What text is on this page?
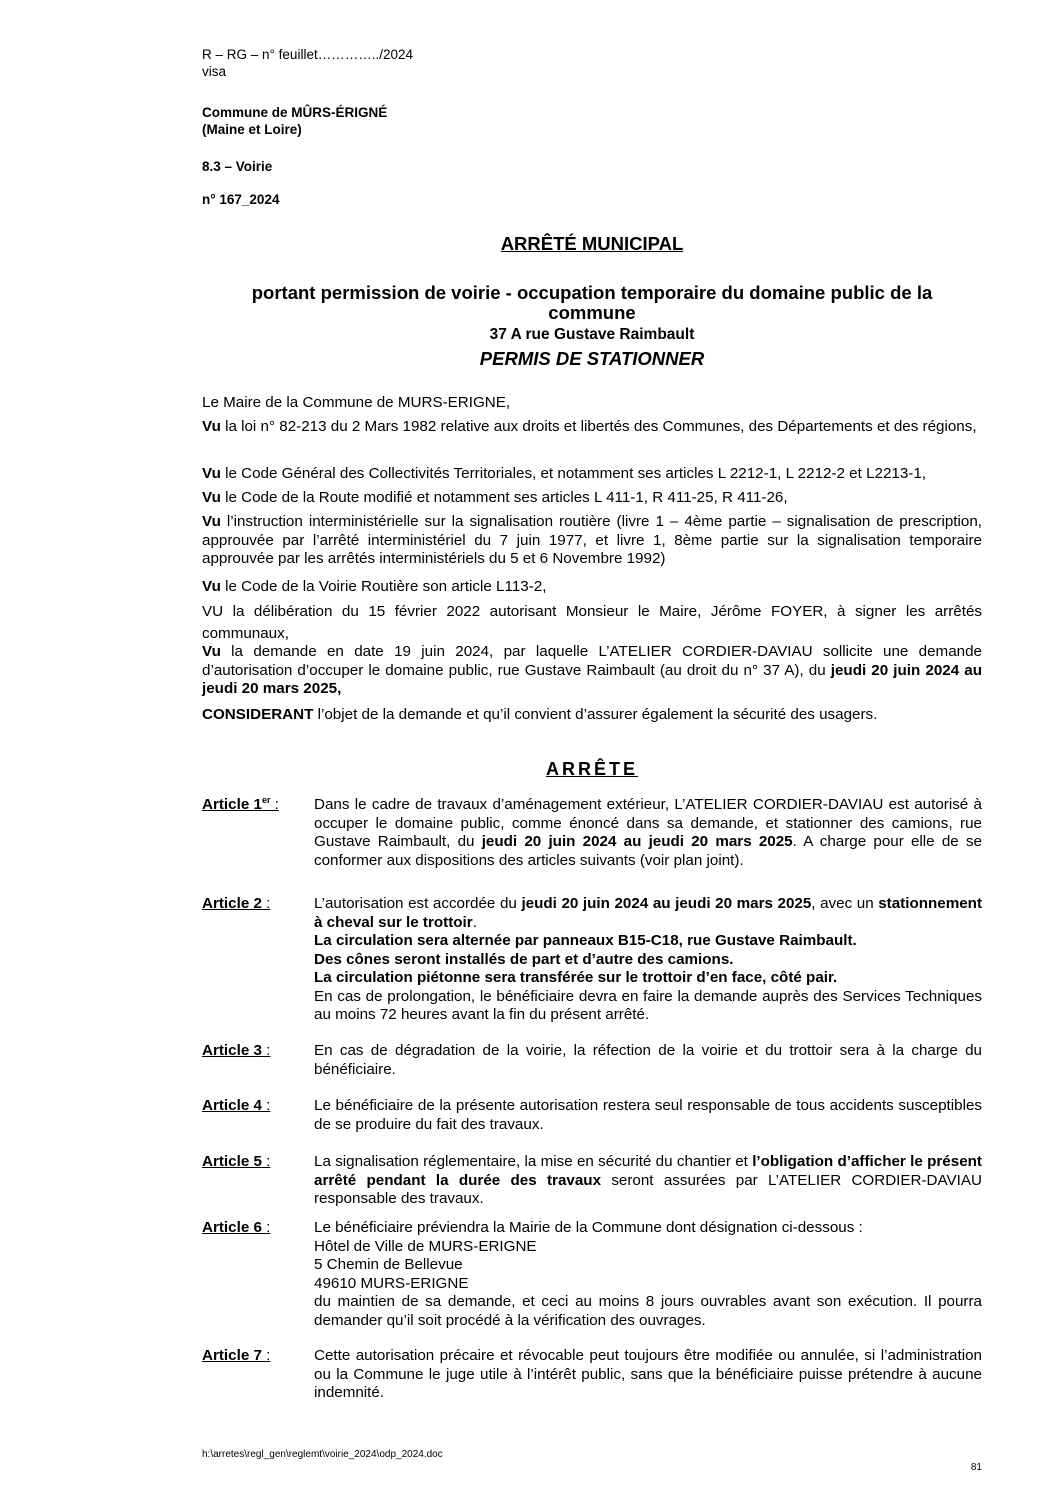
R – RG – n° feuillet…………../2024
visa
Commune de MÛRS-ÉRIGNÉ
(Maine et Loire)
8.3 – Voirie
n° 167_2024
ARRÊTÉ MUNICIPAL
portant permission de voirie - occupation temporaire du domaine public de la
commune
37 A rue Gustave Raimbault
PERMIS DE STATIONNER
Le Maire de la Commune de MURS-ERIGNE,
Vu la loi n° 82-213 du 2 Mars 1982 relative aux droits et libertés des Communes, des Départements et des régions,
Vu le Code Général des Collectivités Territoriales, et notamment ses articles L 2212-1, L 2212-2 et L2213-1,
Vu le Code de la Route modifié et notamment ses articles L 411-1, R 411-25, R 411-26,
Vu l’instruction interministérielle sur la signalisation routière (livre 1 – 4ème partie – signalisation de prescription, approuvée par l’arrêté interministériel du 7 juin 1977, et livre 1, 8ème partie sur la signalisation temporaire approuvée par les arrêtés interministériels du 5 et 6 Novembre 1992)
Vu le Code de la Voirie Routière son article L113-2,
VU la délibération du 15 février 2022 autorisant Monsieur le Maire, Jérôme FOYER, à signer les arrêtés communaux,
Vu la demande en date 19 juin 2024, par laquelle L’ATELIER CORDIER-DAVIAU sollicite une demande d’autorisation d’occuper le domaine public, rue Gustave Raimbault (au droit du n° 37 A), du jeudi 20 juin 2024 au jeudi 20 mars 2025,
CONSIDERANT l’objet de la demande et qu’il convient d’assurer également la sécurité des usagers.
ARRÊTE
Article 1er :	Dans le cadre de travaux d’aménagement extérieur, L’ATELIER CORDIER-DAVIAU est autorisé à occuper le domaine public, comme énoncé dans sa demande, et stationner des camions, rue Gustave Raimbault, du jeudi 20 juin 2024 au jeudi 20 mars 2025. A charge pour elle de se conformer aux dispositions des articles suivants (voir plan joint).
Article 2 :	L’autorisation est accordée du jeudi 20 juin 2024 au jeudi 20 mars 2025, avec un stationnement à cheval sur le trottoir.
La circulation sera alternée par panneaux B15-C18, rue Gustave Raimbault.
Des cônes seront installés de part et d’autre des camions.
La circulation piétonne sera transférée sur le trottoir d’en face, côté pair.
En cas de prolongation, le bénéficiaire devra en faire la demande auprès des Services Techniques au moins 72 heures avant la fin du présent arrêté.
Article 3 :	En cas de dégradation de la voirie, la réfection de la voirie et du trottoir sera à la charge du bénéficiaire.
Article 4 :	Le bénéficiaire de la présente autorisation restera seul responsable de tous accidents susceptibles de se produire du fait des travaux.
Article 5 :	La signalisation réglementaire, la mise en sécurité du chantier et l’obligation d’afficher le présent arrêté pendant la durée des travaux seront assurées par L’ATELIER CORDIER-DAVIAU responsable des travaux.
Article 6 :	Le bénéficiaire préviendra la Mairie de la Commune dont désignation ci-dessous :
Hôtel de Ville de MURS-ERIGNE
5 Chemin de Bellevue
49610 MURS-ERIGNE
du maintien de sa demande, et ceci au moins 8 jours ouvrables avant son exécution. Il pourra demander qu’il soit procédé à la vérification des ouvrages.
Article 7 :	Cette autorisation précaire et révocable peut toujours être modifiée ou annulée, si l’administration ou la Commune le juge utile à l’intérêt public, sans que la bénéficiaire puisse prétendre à aucune indemnité.
h:\arretes\regl_gen\reglemt\voirie_2024\odp_2024.doc
81
